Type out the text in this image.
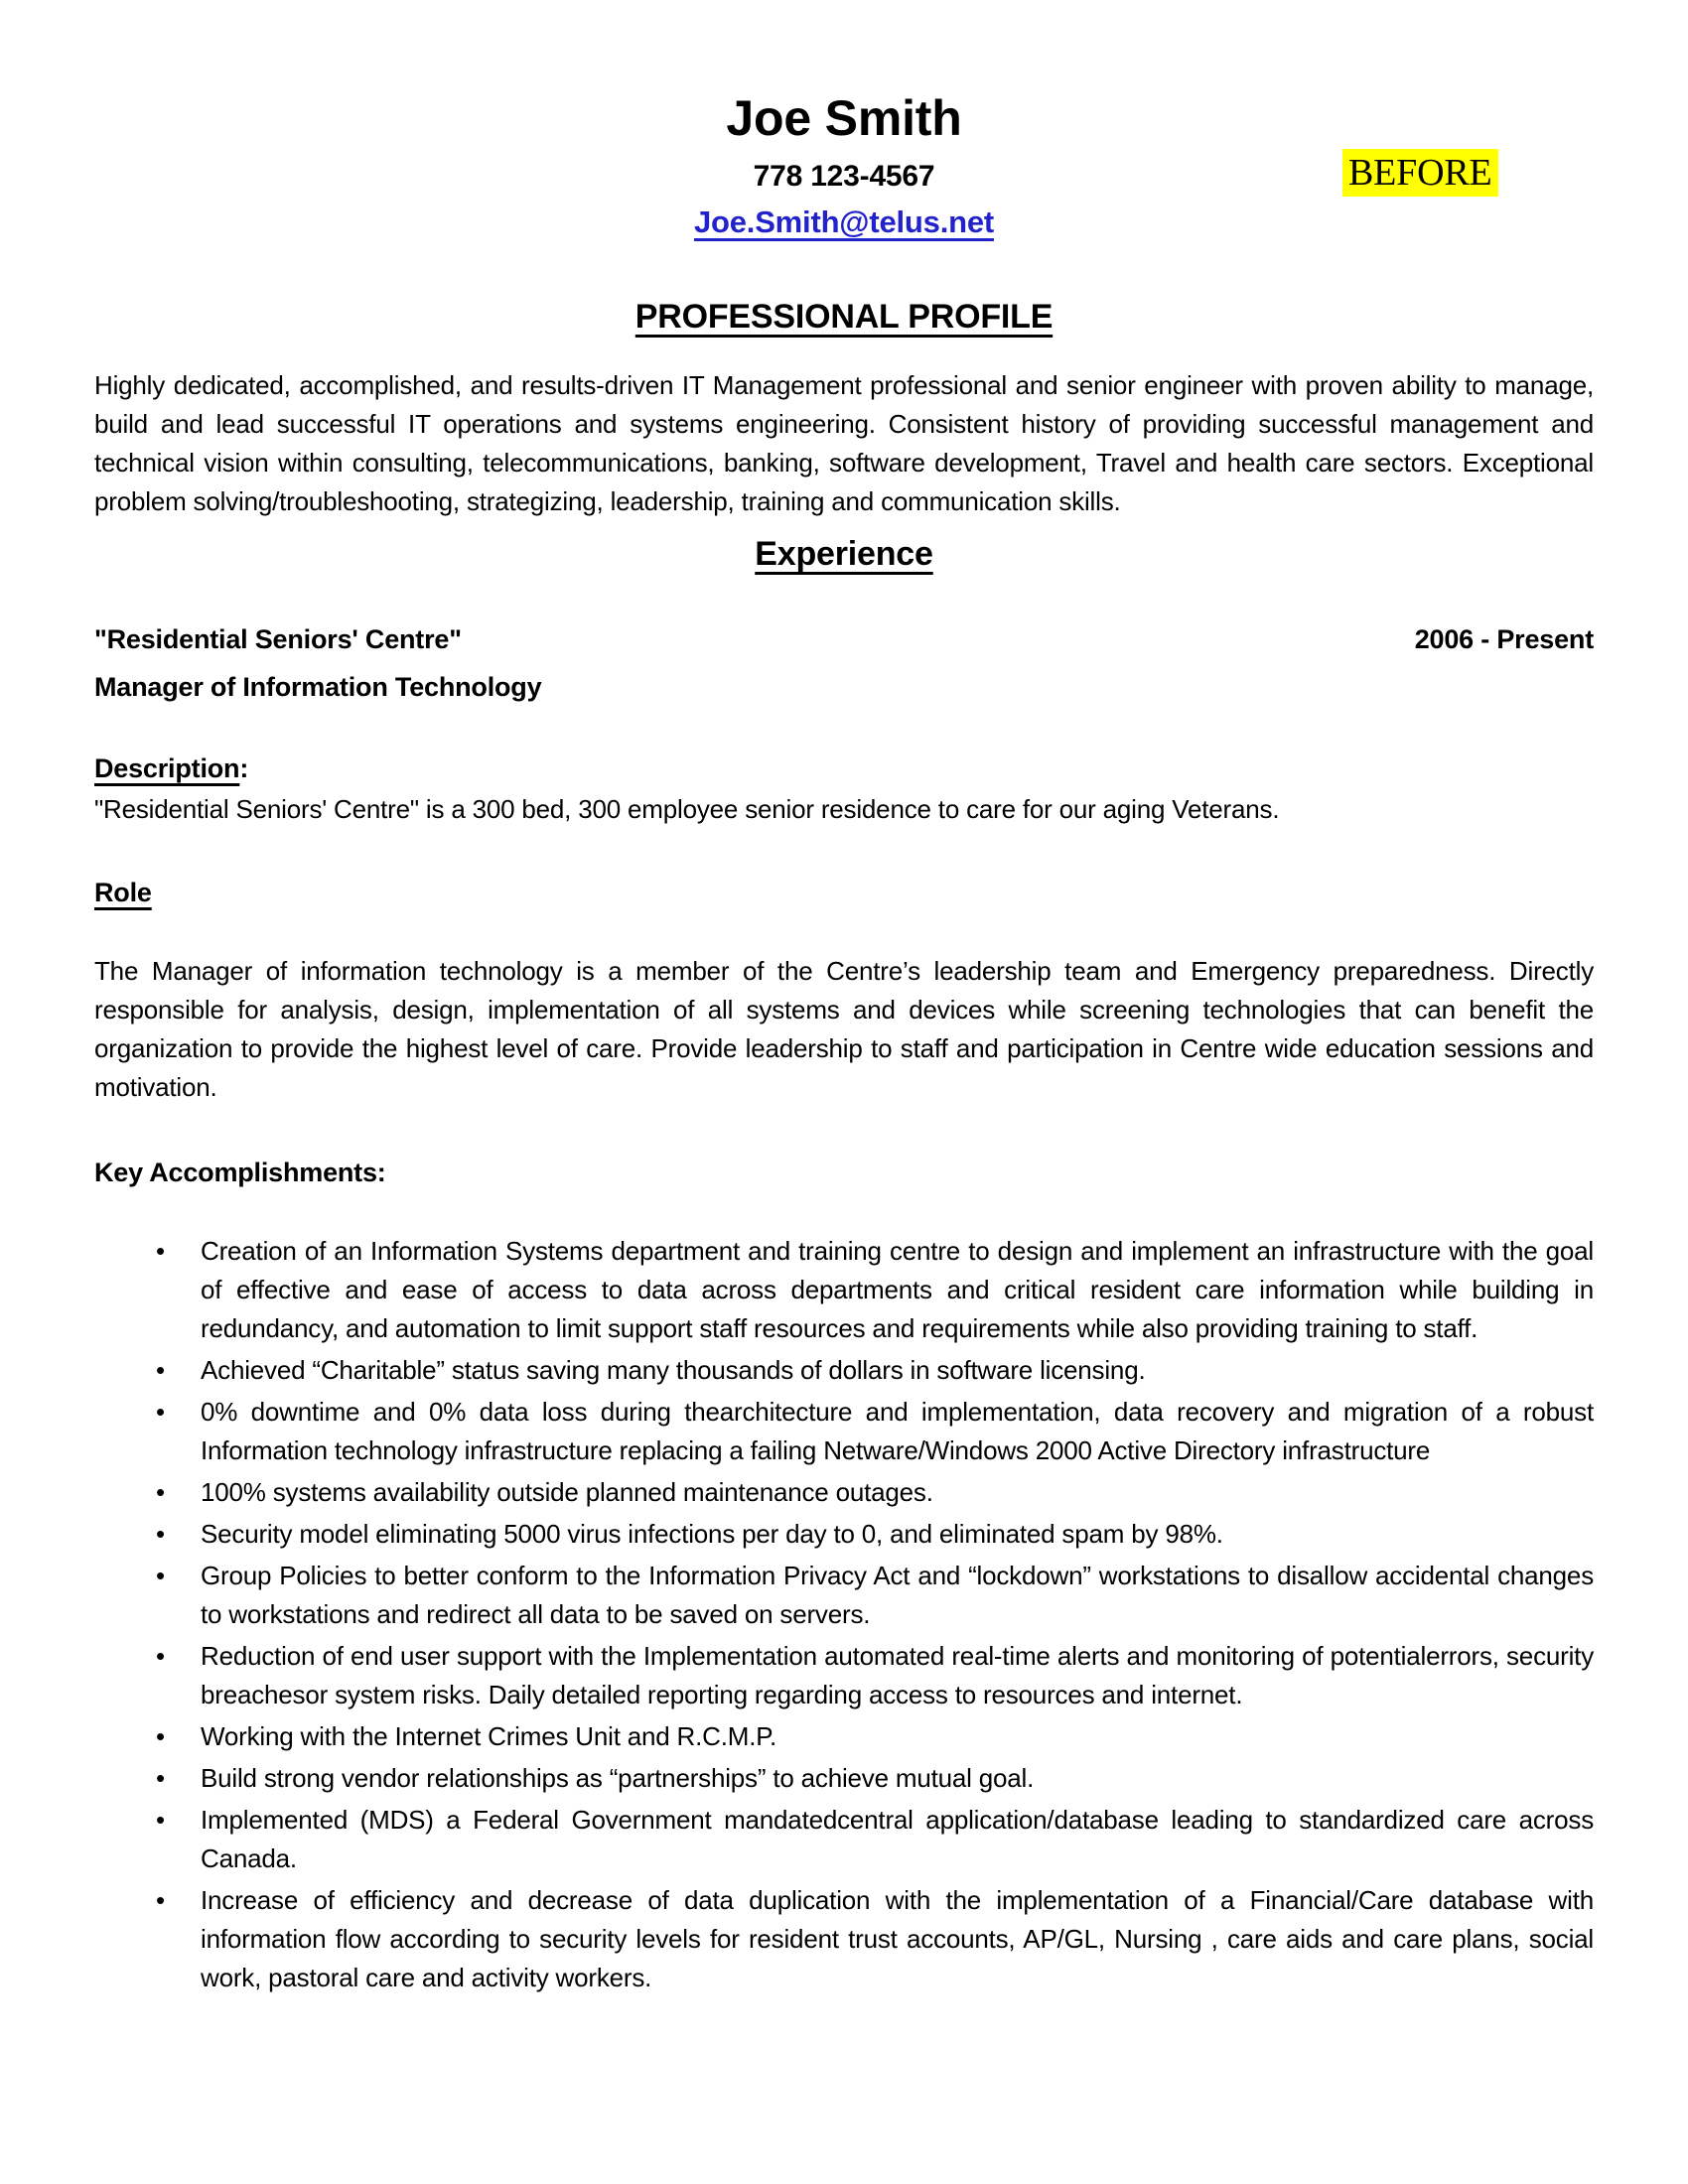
BEFORE
Joe Smith
778 123-4567
Joe.Smith@telus.net
PROFESSIONAL PROFILE

Highly dedicated, accomplished, and results-driven IT Management professional and senior engineer with proven ability to manage, build and lead successful IT operations and systems engineering. Consistent history of providing successful management and technical vision within consulting, telecommunications, banking, software development, Travel and health care sectors. Exceptional problem solving/troubleshooting, strategizing, leadership, training and communication skills.

Experience
"Residential Seniors' Centre"	2006 - Present
Manager of Information Technology
Description:

"Residential Seniors' Centre" is a 300 bed, 300 employee senior residence to care for our aging Veterans.

Role

The Manager of information technology is a member of the Centre’s leadership team and Emergency preparedness. Directly responsible for analysis, design, implementation of all systems and devices while screening technologies that can benefit the organization to provide the highest level of care. Provide leadership to staff and participation in Centre wide education sessions and motivation.

Key Accomplishments:
•	Creation of an Information Systems department and training centre to design and implement an infrastructure with the goal of effective and ease of access to data across departments and critical resident care information while building in redundancy, and automation to limit support staff resources and requirements while also providing training to staff.
•	Achieved “Charitable” status saving many thousands of dollars in software licensing.
•	0% downtime and 0% data loss during thearchitecture and implementation, data recovery and migration of a robust Information technology infrastructure replacing a failing Netware/Windows 2000 Active Directory infrastructure
•	100% systems availability outside planned maintenance outages.
•	Security model eliminating 5000 virus infections per day to 0, and eliminated spam by 98%.
•	Group Policies to better conform to the Information Privacy Act and “lockdown” workstations to disallow accidental changes to workstations and redirect all data to be saved on servers.
•	Reduction of end user support with the Implementation automated real-time alerts and monitoring of potentialerrors, security breachesor system risks. Daily detailed reporting regarding access to resources and internet.
•	Working with the Internet Crimes Unit and R.C.M.P.
•	Build strong vendor relationships as “partnerships” to achieve mutual goal.
•	Implemented (MDS) a Federal Government mandatedcentral application/database leading to standardized care across Canada.
•	Increase of efficiency and decrease of data duplication with the implementation of a Financial/Care database with information flow according to security levels for resident trust accounts, AP/GL, Nursing , care aids and care plans, social work, pastoral care and activity workers.
